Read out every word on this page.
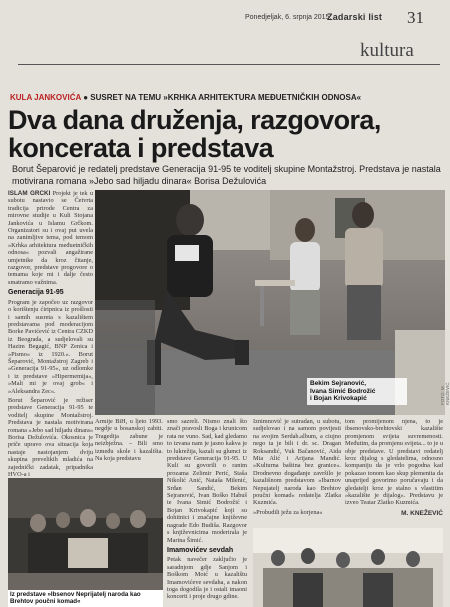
Ponedjeljak, 6. srpnja 2015.
Zadarski list 31
kultura
KULA JANKOVIĆA ● SUSRET NA TEMU »KRHKA ARHITEKTURA MEĐUETNIČKIH ODNOSA«
Dva dana druženja, razgovora, koncerata i predstava
Borut Šeparović je redatelj predstave Generacija 91-95 te voditelj skupine Montažstroj. Predstava je nastala motivirana romana »Jebo sad hiljadu dinara« Borisa Dežulovića
ISLAM GRČKI Projekt je tek u subotu nastavio se Četvrta tradicija prirode Centra za mirovne studije u Kuli Stojana Jankovića u Islamu Grčkom. Organizatori su i ovaj put uvela na zanimljive tema, pod temom »Krhka arhitektura međuetničkih odnosa« pozvali angažirane umjetnike da kroz čitanje, razgovor, predstave progovore o temama koje mi i dalje često smatramo važnima.
Generacija 91-95
Program je započeo uz razgovor o korištenju ćiripnica iz prošlosti i samih susreta s kazalištem predstavama pod moderacijom Borke Pavićević iz Centra CZKD iz Beograda, a sudjelovali su Hazim Begagić, BNP Zenica i »Pismo« iz 1920.«. Borut Šeparović, Montažstroj Zagreb i »Generacija 91-95«, uz odlomke i iz predstave »Hipermemija«, »Mali mi je ovaj grob« i »Aleksandra Zec«.
Borut Šeparović je režiser predstave Generacija 91-95 te voditelj skupine Montažstroj. Predstava je nastala motivirana romana »Jebo sad hiljadu dinara« Borisa Dežulovića. Okosnica je priče upravo ova situacija koja nastaje nastojanjem dviju skupina prevelikih mladića na zajednički zadatak, pripadnika HVO-a i
Bekim Sejranović,
Ivana Simić Bodrožić
i Bojan Krivokapić	FOTO: M. KNEŽEVIĆ
Armije BiH, u ljeto 1993. negdje u bosanskoj zabiti. Tragedija zabune je neizbježna. – Bili smo između skole i kazališta. Na koja predstavu
smo sazreli. Nismo znali što znači pravosli Boga i krunicom rata ne vuno. Sad, kad gledamo to izvana nam je jasno kakva je to lukrežija, kazali su glumci iz predstave Generacija 91-95. U Kuli su govorili o ranim prozama Zelimir Perić, Staša Nikolić Anić, Nataša Milenić, Srđan Sandić, Bekim Sejranović, Ivan Boško Habuš te Ivana Simić Bodrožić i Bojan Krivokapić koji su dohitnici i značajne književne nagrade Edo Budiša. Razgovor s književnicima moderirala je Marina Šimić.
Imamovićev sevdah
Petak navečer zaključio je saradnjom gdje Sanjom i Boškom Moić u kazalištu Imamovićeve sevdaha, a nakon toga dogodila je i ostali imaoni koncerti i proje drugo gdine.
Iznimnović je sutradan, u subotu, sudjelovao i na samom povijesti na svojim Serdah.album, a ciujno nego ta je bili i dr. sc. Dragan Roksandić, Vuk Bačanović, Aida Mia Alić i Arijana Mandić. »Kulturna baština bez granice«. Drodnevno događanje završilo je kazališnom predstavom »Ibarnov Nepujatelj naroda kao Brehtov poučni komad« redatelja Zlatka Kuzmića.
»Probudili ježu za korjena«
tom promijenom njena, to je ibsenovsko-brehtovski kazalište promjenom svijeta suvremenosti. Međutim, da promjenu svijeta... to je u obje predstave. U predstavi redatelj kroz dijalog s gledatelima, odnosno kompaniju da je vrlo pogodna kad pokazao tonom kao skup plemenita da unaprijed govorimo poručavaju i da gledatelji kroz je stalno s vlastitim »kazalište je dijalog«. Predstavu je izveo Teatar Zlatko Kuzmića.
M. KNEŽEVIĆ
Iz predstave »Ibsenov Neprijatelj naroda kao Brehtov poučni komad«
